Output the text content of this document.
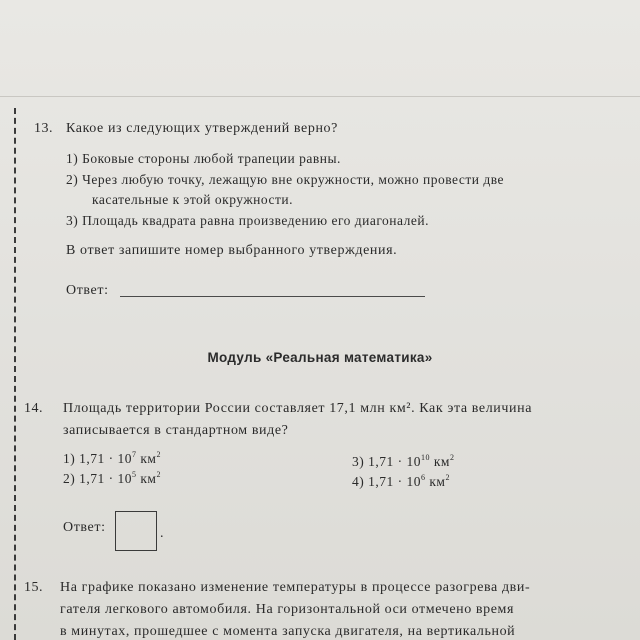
13. Какое из следующих утверждений верно?
1) Боковые стороны любой трапеции равны.
2) Через любую точку, лежащую вне окружности, можно провести две
касательные к этой окружности.
3) Площадь квадрата равна произведению его диагоналей.
В ответ запишите номер выбранного утверждения.
Ответ:
Модуль «Реальная математика»
14. Площадь территории России составляет 17,1 млн км². Как эта величина
записывается в стандартном виде?
1) $1,71 \cdot 10^7$ $км^2$
2) $1,71 \cdot 10^5$ $км^2$
3) $1,71 \cdot 10^{10}$ $км^2$
4) $1,71 \cdot 10^6$ $км^2$
Ответ:	.
15. На графике показано изменение температуры в процессе разогрева дви-
гателя легкового автомобиля. На горизонтальной оси отмечено время
в минутах, прошедшее с момента запуска двигателя, на вертикальной
